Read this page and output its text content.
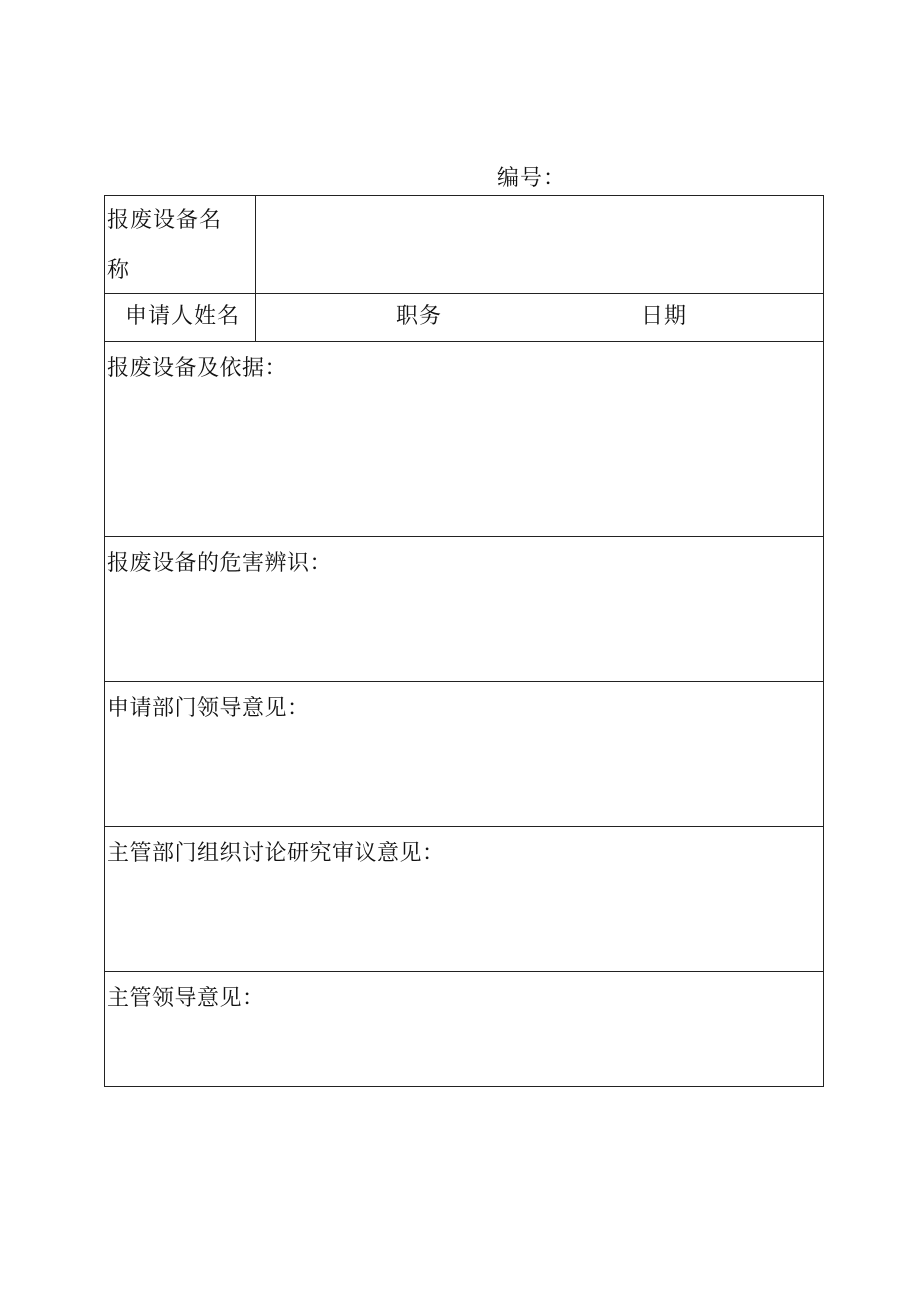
编号：
报废设备名
称
申请人姓名	职务	日期
报废设备及依据：
报废设备的危害辨识：
申请部门领导意见：
主管部门组织讨论研究审议意见：
主管领导意见：
